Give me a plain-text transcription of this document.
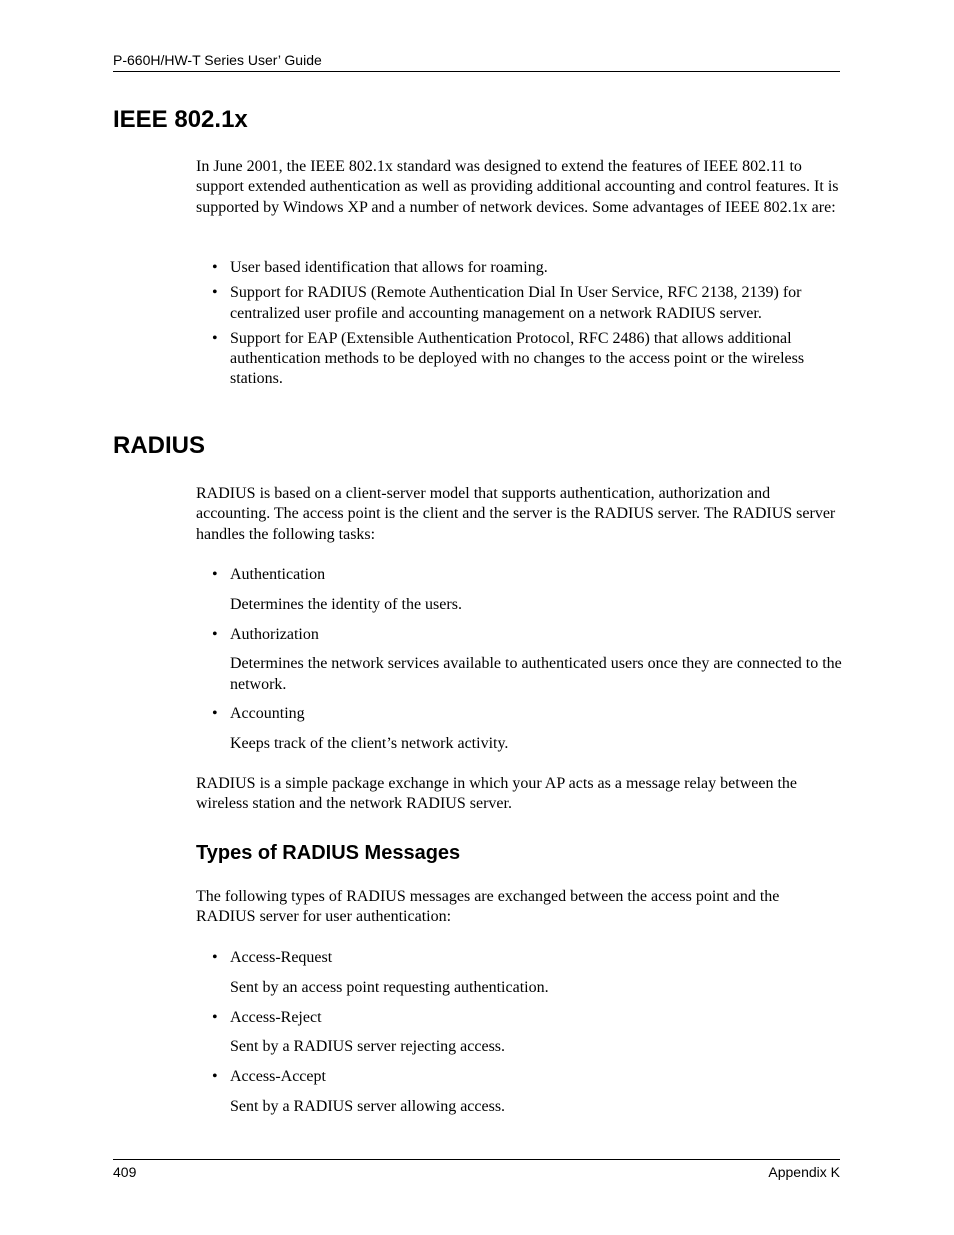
P-660H/HW-T Series User’ Guide
IEEE 802.1x

In June 2001, the IEEE 802.1x standard was designed to extend the features of IEEE 802.11 to support extended authentication as well as providing additional accounting and control features. It is supported by Windows XP and a number of network devices. Some advantages of IEEE 802.1x are:

• User based identification that allows for roaming.
• Support for RADIUS (Remote Authentication Dial In User Service, RFC 2138, 2139) for centralized user profile and accounting management on a network RADIUS server.
• Support for EAP (Extensible Authentication Protocol, RFC 2486) that allows additional authentication methods to be deployed with no changes to the access point or the wireless stations.
RADIUS

RADIUS is based on a client-server model that supports authentication, authorization and accounting. The access point is the client and the server is the RADIUS server. The RADIUS server handles the following tasks:

• Authentication
Determines the identity of the users.
• Authorization
Determines the network services available to authenticated users once they are connected to the network.
• Accounting
Keeps track of the client’s network activity.

RADIUS is a simple package exchange in which your AP acts as a message relay between the wireless station and the network RADIUS server.

Types of RADIUS Messages

The following types of RADIUS messages are exchanged between the access point and the RADIUS server for user authentication:

• Access-Request
Sent by an access point requesting authentication.
• Access-Reject
Sent by a RADIUS server rejecting access.
• Access-Accept
Sent by a RADIUS server allowing access.
409	Appendix K
